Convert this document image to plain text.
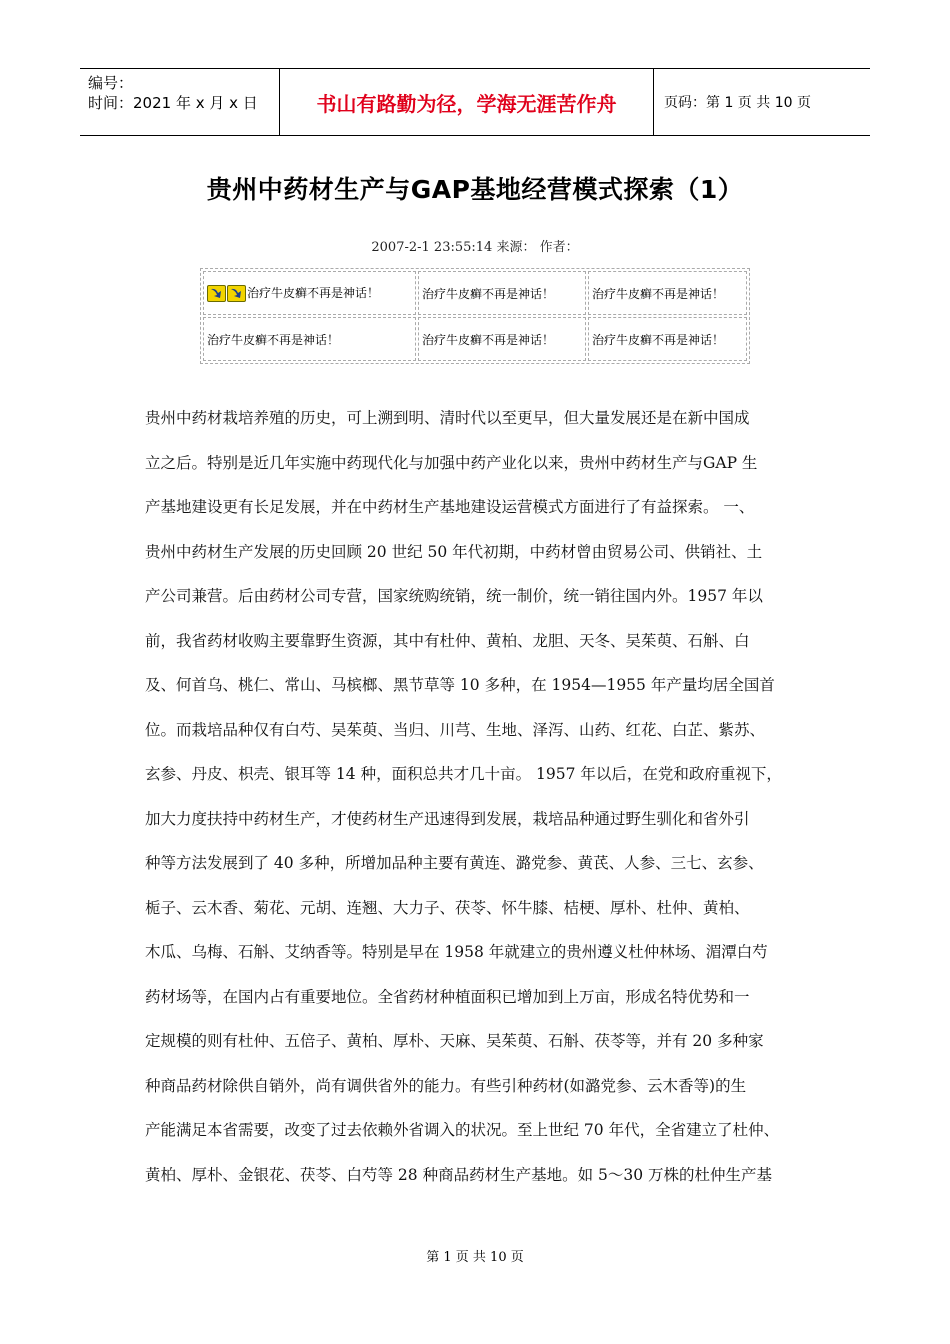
编号：
时间：2021 年 x 月 x 日	书山有路勤为径，学海无涯苦作舟	页码：第 1 页 共 10 页
贵州中药材生产与GAP基地经营模式探索（1）
2007-2-1 23:55:14 来源： 作者：
治疗牛皮癣不再是神话！	治疗牛皮癣不再是神话！	治疗牛皮癣不再是神话！
治疗牛皮癣不再是神话！	治疗牛皮癣不再是神话！	治疗牛皮癣不再是神话！
贵州中药材栽培养殖的历史，可上溯到明、清时代以至更早，但大量发展还是在新中国成
立之后。特别是近几年实施中药现代化与加强中药产业化以来，贵州中药材生产与GAP 生
产基地建设更有长足发展，并在中药材生产基地建设运营模式方面进行了有益探索。 一、
贵州中药材生产发展的历史回顾 20 世纪 50 年代初期，中药材曾由贸易公司、供销社、土
产公司兼营。后由药材公司专营，国家统购统销，统一制价，统一销往国内外。1957 年以
前，我省药材收购主要靠野生资源，其中有杜仲、黄柏、龙胆、天冬、吴茱萸、石斛、白
及、何首乌、桃仁、常山、马槟榔、黑节草等 10 多种，在 1954—1955 年产量均居全国首
位。而栽培品种仅有白芍、吴茱萸、当归、川芎、生地、泽泻、山药、红花、白芷、紫苏、
玄参、丹皮、枳壳、银耳等 14 种，面积总共才几十亩。 1957 年以后，在党和政府重视下，
加大力度扶持中药材生产，才使药材生产迅速得到发展，栽培品种通过野生驯化和省外引
种等方法发展到了 40 多种，所增加品种主要有黄连、潞党参、黄芪、人参、三七、玄参、
栀子、云木香、菊花、元胡、连翘、大力子、茯苓、怀牛膝、桔梗、厚朴、杜仲、黄柏、
木瓜、乌梅、石斛、艾纳香等。特别是早在 1958 年就建立的贵州遵义杜仲林场、湄潭白芍
药材场等，在国内占有重要地位。全省药材种植面积已增加到上万亩，形成名特优势和一
定规模的则有杜仲、五倍子、黄柏、厚朴、天麻、吴茱萸、石斛、茯苓等，并有 20 多种家
种商品药材除供自销外，尚有调供省外的能力。有些引种药材(如潞党参、云木香等)的生
产能满足本省需要，改变了过去依赖外省调入的状况。至上世纪 70 年代，全省建立了杜仲、
黄柏、厚朴、金银花、茯苓、白芍等 28 种商品药材生产基地。如 5～30 万株的杜仲生产基
第 1 页 共 10 页
